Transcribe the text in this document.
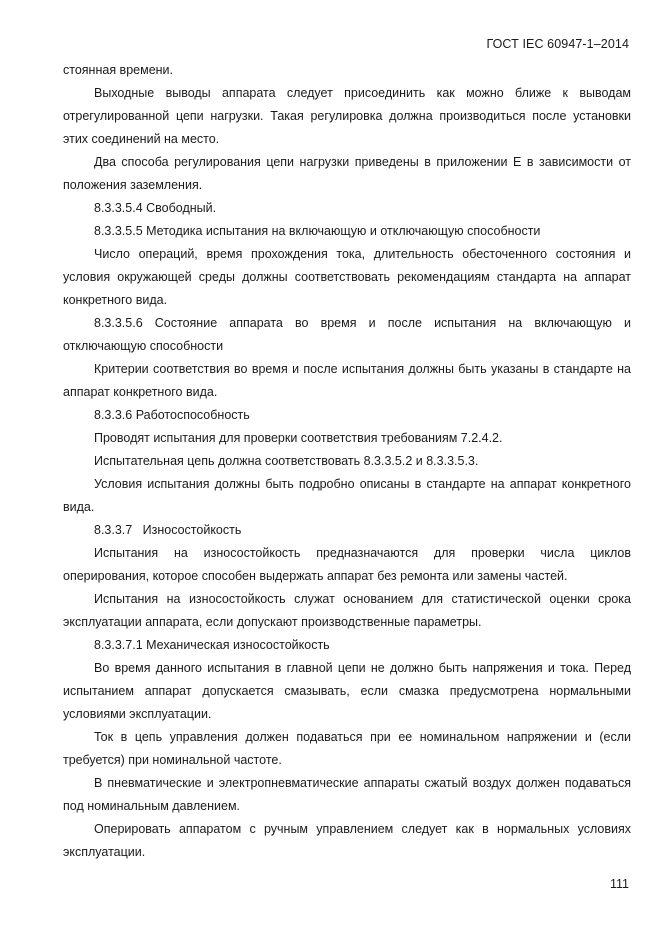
ГОСТ IEC 60947-1–2014

стоянная времени.

Выходные выводы аппарата следует присоединить как можно ближе к выводам отрегулированной цепи нагрузки. Такая регулировка должна производиться после установки этих соединений на место.

Два способа регулирования цепи нагрузки приведены в приложении Е в зависимости от положения заземления.

8.3.3.5.4 Свободный.

8.3.3.5.5 Методика испытания на включающую и отключающую способности

Число операций, время прохождения тока, длительность обесточенного состояния и условия окружающей среды должны соответствовать рекомендациям стандарта на аппарат конкретного вида.

8.3.3.5.6 Состояние аппарата во время и после испытания на включающую и отключающую способности

Критерии соответствия во время и после испытания должны быть указаны в стандарте на аппарат конкретного вида.

8.3.3.6 Работоспособность

Проводят испытания для проверки соответствия требованиям 7.2.4.2.

Испытательная цепь должна соответствовать 8.3.3.5.2 и 8.3.3.5.3.

Условия испытания должны быть подробно описаны в стандарте на аппарат конкретного вида.

8.3.3.7   Износостойкость

Испытания на износостойкость предназначаются для проверки числа циклов оперирования, которое способен выдержать аппарат без ремонта или замены частей.

Испытания на износостойкость служат основанием для статистической оценки срока эксплуатации аппарата, если допускают производственные параметры.

8.3.3.7.1 Механическая износостойкость

Во время данного испытания в главной цепи не должно быть напряжения и тока. Перед испытанием аппарат допускается смазывать, если смазка предусмотрена нормальными условиями эксплуатации.

Ток в цепь управления должен подаваться при ее номинальном напряжении и (если требуется) при номинальной частоте.

В пневматические и электропневматические аппараты сжатый воздух должен подаваться под номинальным давлением.

Оперировать аппаратом с ручным управлением следует как в нормальных условиях эксплуатации.

111
